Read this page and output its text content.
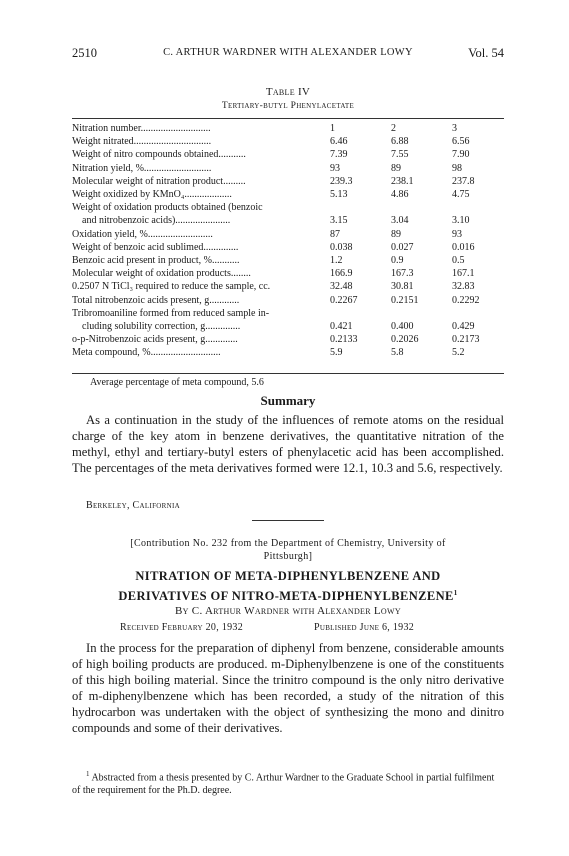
2510	C. ARTHUR WARDNER WITH ALEXANDER LOWY	Vol. 54
Table IV
Tertiary-butyl Phenylacetate
Nitration number............................	1	2	3
Weight nitrated...............................	6.46	6.88	6.56
Weight of nitro compounds obtained...........	7.39	7.55	7.90
Nitration yield, %...........................	93	89	98
Molecular weight of nitration product.........	239.3	238.1	237.8
Weight oxidized by KMnO₄...................	5.13	4.86	4.75
Weight of oxidation products obtained (benzoic
and nitrobenzoic acids)......................	3.15	3.04	3.10
Oxidation yield, %..........................	87	89	93
Weight of benzoic acid sublimed..............	0.038	0.027	0.016
Benzoic acid present in product, %...........	1.2	0.9	0.5
Molecular weight of oxidation products........	166.9	167.3	167.1
0.2507 N TiCl₃ required to reduce the sample, cc.	32.48	30.81	32.83
Total nitrobenzoic acids present, g............	0.2267	0.2151	0.2292
Tribromoaniline formed from reduced sample in-
cluding solubility correction, g..............	0.421	0.400	0.429
o-p-Nitrobenzoic acids present, g.............	0.2133	0.2026	0.2173
Meta compound, %............................	5.9	5.8	5.2
Average percentage of meta compound, 5.6
Summary

As a continuation in the study of the influences of remote atoms on the residual charge of the key atom in benzene derivatives, the quantitative nitration of the methyl, ethyl and tertiary-butyl esters of phenylacetic acid has been accomplished. The percentages of the meta derivatives formed were 12.1, 10.3 and 5.6, respectively.

Berkeley, California
[Contribution No. 232 from the Department of Chemistry, University of
Pittsburgh]
NITRATION OF META-DIPHENYLBENZENE AND
DERIVATIVES OF NITRO-META-DIPHENYLBENZENE$^1$
By C. Arthur Wardner with Alexander Lowy
Received February 20, 1932	Published June 6, 1932

In the process for the preparation of diphenyl from benzene, considerable amounts of high boiling products are produced. m-Diphenylbenzene is one of the constituents of this high boiling material. Since the trinitro compound is the only nitro derivative of m-diphenylbenzene which has been recorded, a study of the nitration of this hydrocarbon was undertaken with the object of synthesizing the mono and dinitro compounds and some of their derivatives.

$^1$ Abstracted from a thesis presented by C. Arthur Wardner to the Graduate School in partial fulfilment of the requirement for the Ph.D. degree.
